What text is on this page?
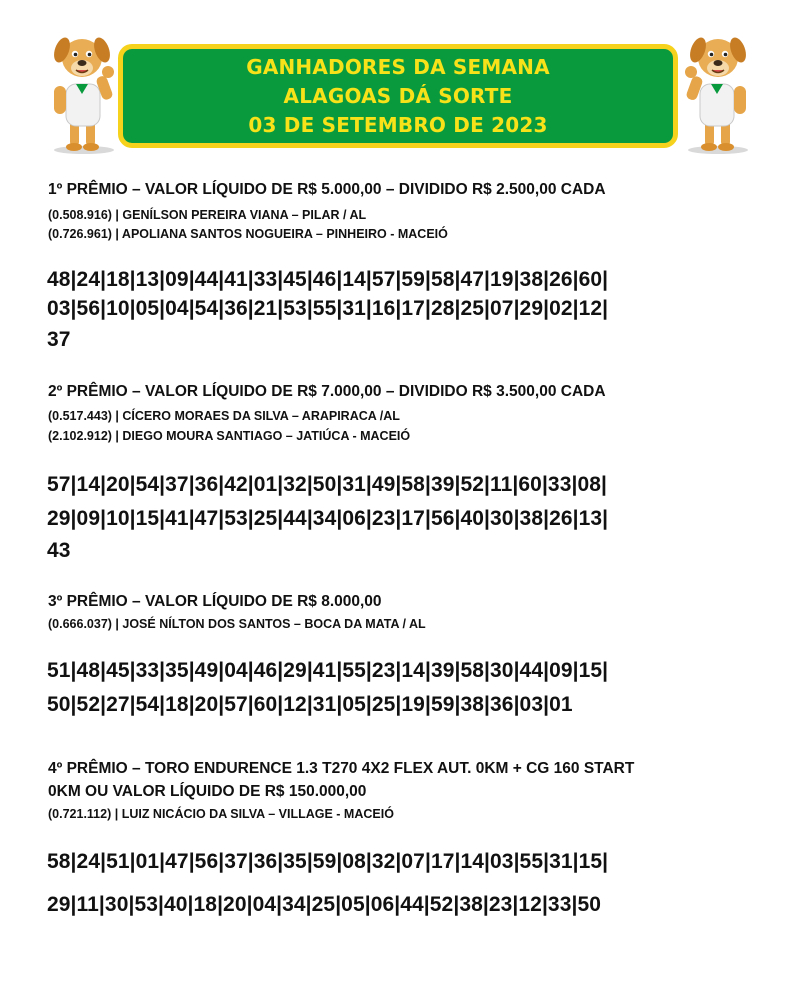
GANHADORES DA SEMANA
ALAGOAS DÁ SORTE
03 DE SETEMBRO DE 2023
1º PRÊMIO – VALOR LÍQUIDO DE R$ 5.000,00 – DIVIDIDO R$ 2.500,00 CADA
(0.508.916) | GENÍLSON PEREIRA VIANA – PILAR / AL
(0.726.961) | APOLIANA SANTOS NOGUEIRA – PINHEIRO - MACEIÓ
48|24|18|13|09|44|41|33|45|46|14|57|59|58|47|19|38|26|60|
03|56|10|05|04|54|36|21|53|55|31|16|17|28|25|07|29|02|12|
37
2º PRÊMIO – VALOR LÍQUIDO DE R$ 7.000,00 – DIVIDIDO R$ 3.500,00 CADA
(0.517.443) | CÍCERO MORAES DA SILVA – ARAPIRACA /AL
(2.102.912) | DIEGO MOURA SANTIAGO – JATIÚCA - MACEIÓ
57|14|20|54|37|36|42|01|32|50|31|49|58|39|52|11|60|33|08|
29|09|10|15|41|47|53|25|44|34|06|23|17|56|40|30|38|26|13|
43
3º PRÊMIO – VALOR LÍQUIDO DE R$ 8.000,00
(0.666.037) | JOSÉ NÍLTON DOS SANTOS – BOCA DA MATA / AL
51|48|45|33|35|49|04|46|29|41|55|23|14|39|58|30|44|09|15|
50|52|27|54|18|20|57|60|12|31|05|25|19|59|38|36|03|01
4º PRÊMIO – TORO ENDURENCE 1.3 T270 4X2 FLEX AUT. 0KM + CG 160 START
0KM OU VALOR LÍQUIDO DE R$ 150.000,00
(0.721.112) | LUIZ NICÁCIO DA SILVA – VILLAGE - MACEIÓ
58|24|51|01|47|56|37|36|35|59|08|32|07|17|14|03|55|31|15|
29|11|30|53|40|18|20|04|34|25|05|06|44|52|38|23|12|33|50
